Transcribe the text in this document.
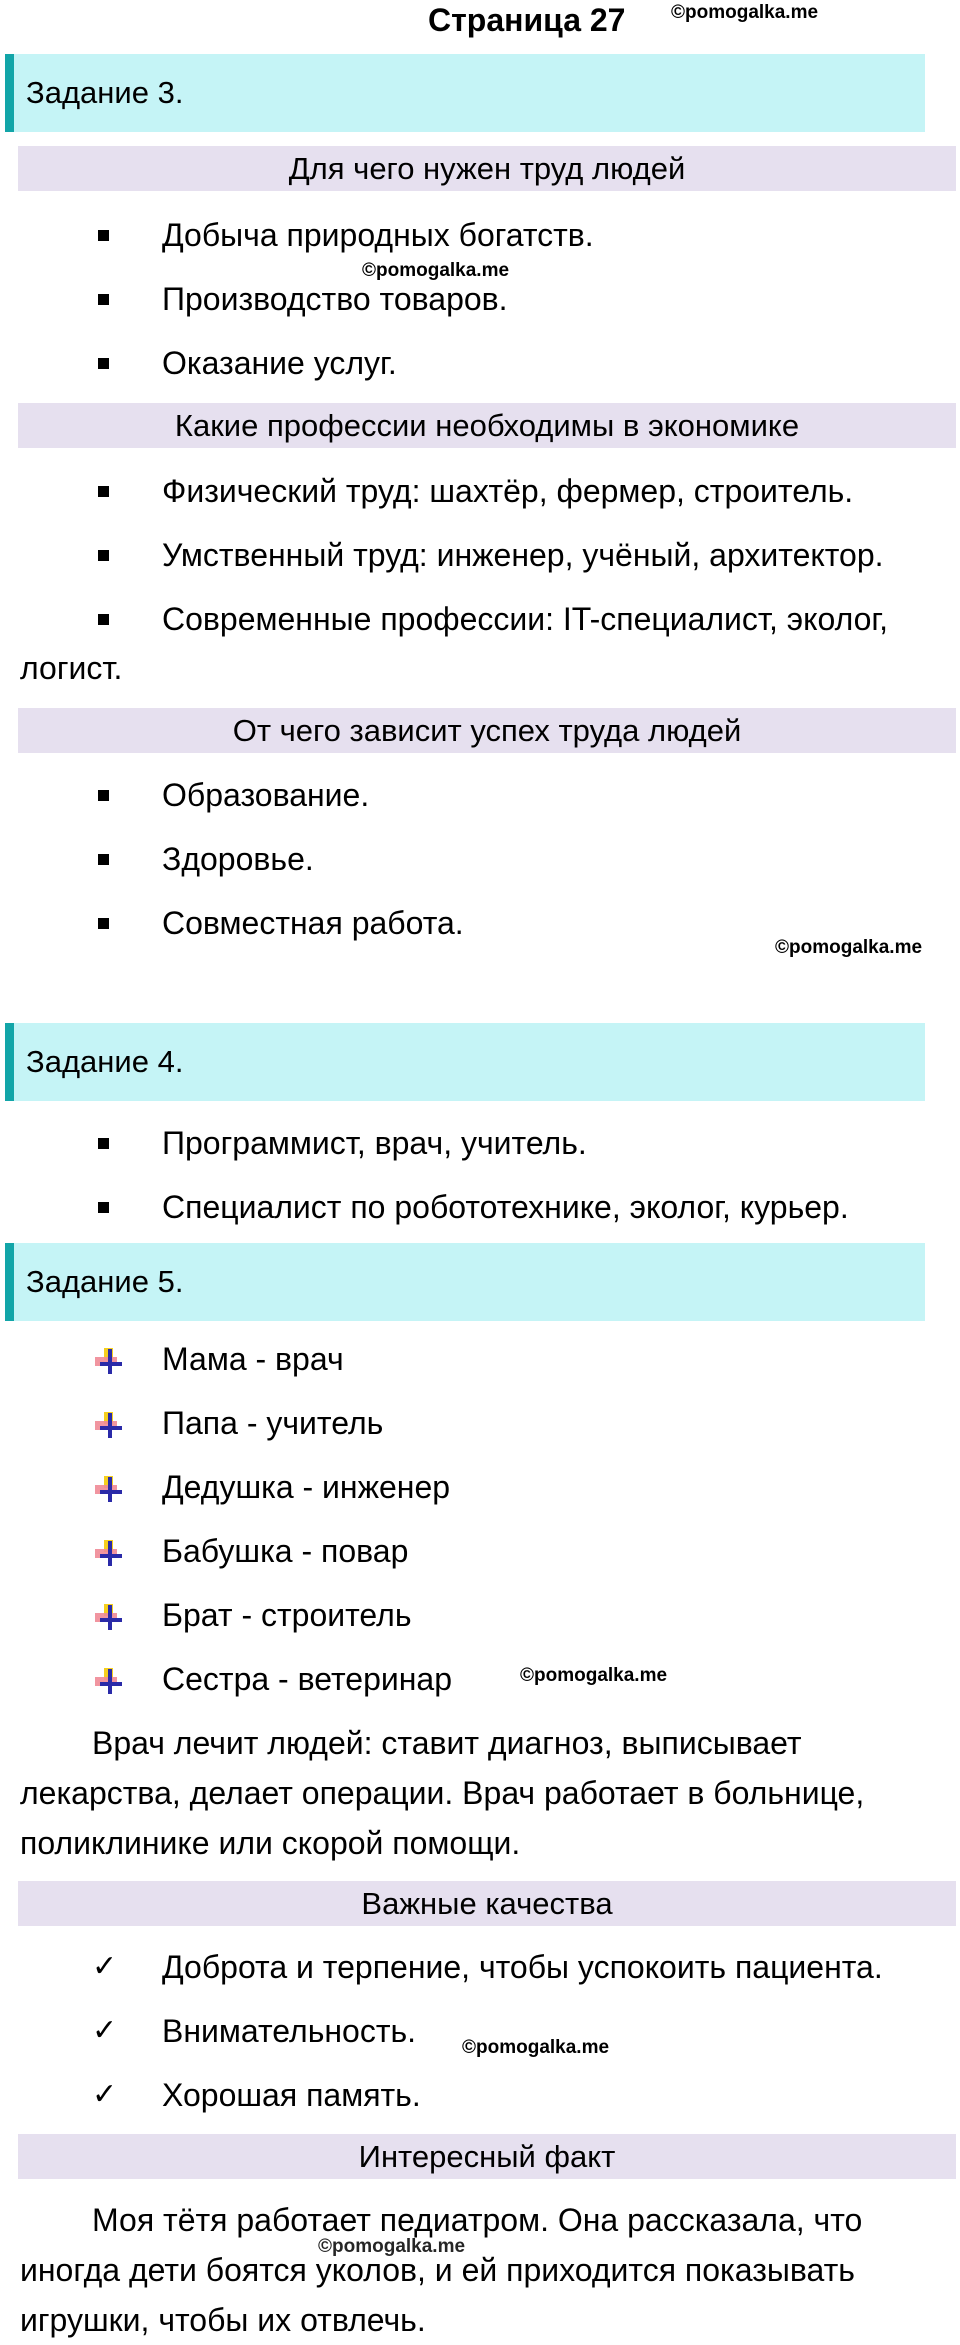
Страница 27 ©pomogalka.me
Задание 3.
Для чего нужен труд людей
Добыча природных богатств.
©pomogalka.me
Производство товаров.
Оказание услуг.
Какие профессии необходимы в экономике
Физический труд: шахтёр, фермер, строитель.
Умственный труд: инженер, учёный, архитектор.
Современные профессии: IT-специалист, эколог,
логист.
От чего зависит успех труда людей
Образование.
Здоровье.
Совместная работа.
©pomogalka.me
Задание 4.
Программист, врач, учитель.
Специалист по робототехнике, эколог, курьер.
Задание 5.
Мама - врач
Папа - учитель
Дедушка - инженер
Бабушка - повар
Брат - строитель
Сестра - ветеринар	©pomogalka.me
Врач лечит людей: ставит диагноз, выписывает
лекарства, делает операции. Врач работает в больнице,
поликлинике или скорой помощи.
Важные качества
✓ Доброта и терпение, чтобы успокоить пациента.
✓ Внимательность. ©pomogalka.me
✓ Хорошая память.
Интересный факт
Моя тётя работает педиатром. Она рассказала, что
иногда дети боятся уколов, и ей приходится показывать
игрушки, чтобы их отвлечь.
©pomogalka.me
